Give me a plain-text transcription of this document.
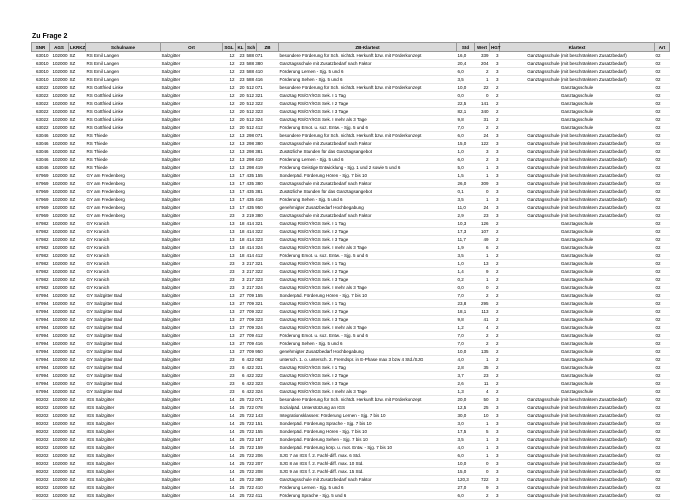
Zu Frage 2
SNR	AGS	LKRKZ	Schulname	Ort	SGL	KL	Sch	ZB	ZB-Klartext	Std	Wert	HGT	Klartext	Art
63010	102000	SZ	RS Emil Langen	Salzgitter	12	23	588 071		besondere Förderung für Sch. nichtdt. Herkunft bzw. mit Förderkonzept	16,0	339	3	Ganztagsschule (mit beschränktem Zusatzbedarf)	02
63010	102000	SZ	RS Emil Langen	Salzgitter	12	23	588 380		Ganztagsschule mit Zusatzbedarf nach Faktor	20,4	204	3	Ganztagsschule (mit beschränktem Zusatzbedarf)	02
63010	102000	SZ	RS Emil Langen	Salzgitter	12	23	588 410		Förderung Lernen - Sjg. 5 und 6	6,0	2	3	Ganztagsschule (mit beschränktem Zusatzbedarf)	02
63010	102000	SZ	RS Emil Langen	Salzgitter	12	23	588 416		Förderung Sehen - Sjg. 5 und 6	3,5	1	3	Ganztagsschule (mit beschränktem Zusatzbedarf)	02
63022	102000	SZ	RS Gottfried Linke	Salzgitter	12	20	512 071		besondere Förderung für Sch. nichtdt. Herkunft bzw. mit Förderkonzept	10,0	22	2	Ganztagsschule	02
63022	102000	SZ	RS Gottfried Linke	Salzgitter	12	20	512 321		Ganztag RS/GY/IGS Sek. I 1 Tag	0,0	0	2	Ganztagsschule	02
63022	102000	SZ	RS Gottfried Linke	Salzgitter	12	20	512 322		Ganztag RS/GY/IGS Sek. I 2 Tage	22,5	141	2	Ganztagsschule	02
63022	102000	SZ	RS Gottfried Linke	Salzgitter	12	20	512 323		Ganztag RS/GY/IGS Sek. I 3 Tage	82,1	340	2	Ganztagsschule	02
63022	102000	SZ	RS Gottfried Linke	Salzgitter	12	20	512 324		Ganztag RS/GY/IGS Sek. I mehr als 3 Tage	9,8	31	2	Ganztagsschule	02
63022	102000	SZ	RS Gottfried Linke	Salzgitter	12	20	512 412		Förderung Emot. u. soz. Entw. - Sjg. 5 und 6	7,0	2	2	Ganztagsschule	02
63046	102000	SZ	RS Thiede	Salzgitter	12	13	298 071		besondere Förderung für Sch. nichtdt. Herkunft bzw. mit Förderkonzept	6,0	24	3	Ganztagsschule (mit beschränktem Zusatzbedarf)	02
63046	102000	SZ	RS Thiede	Salzgitter	12	13	298 380		Ganztagsschule mit Zusatzbedarf nach Faktor	15,0	122	3	Ganztagsschule (mit beschränktem Zusatzbedarf)	02
63046	102000	SZ	RS Thiede	Salzgitter	12	13	298 381		Zusätzliche Stunden für das Ganztagsangebot	1,0	3	3	Ganztagsschule (mit beschränktem Zusatzbedarf)	02
63046	102000	SZ	RS Thiede	Salzgitter	12	13	298 410		Förderung Lernen - Sjg. 5 und 6	6,0	2	3	Ganztagsschule (mit beschränktem Zusatzbedarf)	02
63046	102000	SZ	RS Thiede	Salzgitter	12	13	298 419		Förderung Geistige Entwicklung - Sjg. 1 und 2 sowie 5 und 6	5,0	1	3	Ganztagsschule (mit beschränktem Zusatzbedarf)	02
67969	102000	SZ	GY am Fredenberg	Salzgitter	13	17	435 155		Sonderpäd. Förderung Hören - Sjg. 7 bis 10	1,5	1	3	Ganztagsschule (mit beschränktem Zusatzbedarf)	02
67969	102000	SZ	GY am Fredenberg	Salzgitter	13	17	435 380		Ganztagsschule mit Zusatzbedarf nach Faktor	26,0	309	3	Ganztagsschule (mit beschränktem Zusatzbedarf)	02
67969	102000	SZ	GY am Fredenberg	Salzgitter	13	17	435 381		Zusätzliche Stunden für das Ganztagsangebot	0,1	0	3	Ganztagsschule (mit beschränktem Zusatzbedarf)	02
67969	102000	SZ	GY am Fredenberg	Salzgitter	13	17	435 416		Förderung Sehen - Sjg. 5 und 6	3,5	1	3	Ganztagsschule (mit beschränktem Zusatzbedarf)	02
67969	102000	SZ	GY am Fredenberg	Salzgitter	13	17	435 950		genehmigter Zusatzbedarf Hochbegabung	11,0	24	3	Ganztagsschule (mit beschränktem Zusatzbedarf)	02
67969	102000	SZ	GY am Fredenberg	Salzgitter	23	3	219 380		Ganztagsschule mit Zusatzbedarf nach Faktor	2,9	23	3	Ganztagsschule (mit beschränktem Zusatzbedarf)	02
67982	102000	SZ	GY Kranich	Salzgitter	13	18	414 321		Ganztag RS/GY/IGS Sek. I 1 Tag	10,3	126	2	Ganztagsschule	02
67982	102000	SZ	GY Kranich	Salzgitter	13	18	414 322		Ganztag RS/GY/IGS Sek. I 2 Tage	17,3	107	2	Ganztagsschule	02
67982	102000	SZ	GY Kranich	Salzgitter	13	18	414 323		Ganztag RS/GY/IGS Sek. I 3 Tage	11,7	49	2	Ganztagsschule	02
67982	102000	SZ	GY Kranich	Salzgitter	13	18	414 324		Ganztag RS/GY/IGS Sek. I mehr als 3 Tage	1,9	6	2	Ganztagsschule	02
67982	102000	SZ	GY Kranich	Salzgitter	13	18	414 412		Förderung Emot. u. soz. Entw. - Sjg. 5 und 6	3,5	1	2	Ganztagsschule	02
67982	102000	SZ	GY Kranich	Salzgitter	23	3	217 321		Ganztag RS/GY/IGS Sek. I 1 Tag	1,0	13	2	Ganztagsschule	02
67982	102000	SZ	GY Kranich	Salzgitter	23	3	217 322		Ganztag RS/GY/IGS Sek. I 2 Tage	1,4	9	2	Ganztagsschule	02
67982	102000	SZ	GY Kranich	Salzgitter	23	3	217 323		Ganztag RS/GY/IGS Sek. I 3 Tage	0,2	1	2	Ganztagsschule	02
67982	102000	SZ	GY Kranich	Salzgitter	23	3	217 324		Ganztag RS/GY/IGS Sek. I mehr als 3 Tage	0,0	0	2	Ganztagsschule	02
67994	102000	SZ	GY Salzgitter Bad	Salzgitter	13	27	709 155		Sonderpäd. Förderung Hören - Sjg. 7 bis 10	7,0	2	2	Ganztagsschule	02
67994	102000	SZ	GY Salzgitter Bad	Salzgitter	13	27	709 321		Ganztag RS/GY/IGS Sek. I 1 Tag	23,8	295	2	Ganztagsschule	02
67994	102000	SZ	GY Salzgitter Bad	Salzgitter	13	27	709 322		Ganztag RS/GY/IGS Sek. I 2 Tage	18,1	113	2	Ganztagsschule	02
67994	102000	SZ	GY Salzgitter Bad	Salzgitter	13	27	709 323		Ganztag RS/GY/IGS Sek. I 3 Tage	9,8	41	2	Ganztagsschule	02
67994	102000	SZ	GY Salzgitter Bad	Salzgitter	13	27	709 324		Ganztag RS/GY/IGS Sek. I mehr als 3 Tage	1,2	4	2	Ganztagsschule	02
67994	102000	SZ	GY Salzgitter Bad	Salzgitter	13	27	709 412		Förderung Emot. u. soz. Entw. - Sjg. 5 und 6	7,0	2	2	Ganztagsschule	02
67994	102000	SZ	GY Salzgitter Bad	Salzgitter	13	27	709 416		Förderung Sehen - Sjg. 5 und 6	7,0	2	2	Ganztagsschule	02
67994	102000	SZ	GY Salzgitter Bad	Salzgitter	13	27	709 950		genehmigter Zusatzbedarf Hochbegabung	10,0	135	2	Ganztagsschule	02
67994	102000	SZ	GY Salzgitter Bad	Salzgitter	23	6	422 062		untersch. 1. o. untersch. 2. Fremdspr. in E-Phase max 3 bzw 4 Std./SJG	4,0	1	2	Ganztagsschule	02
67994	102000	SZ	GY Salzgitter Bad	Salzgitter	23	6	422 321		Ganztag RS/GY/IGS Sek. I 1 Tag	2,8	35	2	Ganztagsschule	02
67994	102000	SZ	GY Salzgitter Bad	Salzgitter	23	6	422 322		Ganztag RS/GY/IGS Sek. I 2 Tage	3,7	23	2	Ganztagsschule	02
67994	102000	SZ	GY Salzgitter Bad	Salzgitter	23	6	422 323		Ganztag RS/GY/IGS Sek. I 3 Tage	2,6	11	2	Ganztagsschule	02
67994	102000	SZ	GY Salzgitter Bad	Salzgitter	23	6	422 324		Ganztag RS/GY/IGS Sek. I mehr als 3 Tage	1,3	4	2	Ganztagsschule	02
80202	102000	SZ	IGS Salzgitter	Salzgitter	14	25	722 071		besondere Förderung für Sch. nichtdt. Herkunft bzw. mit Förderkonzept	20,0	50	3	Ganztagsschule (mit beschränktem Zusatzbedarf)	02
80202	102000	SZ	IGS Salzgitter	Salzgitter	14	25	722 078		Sozialpäd. Unterstützung an IGS	12,5	25	3	Ganztagsschule (mit beschränktem Zusatzbedarf)	02
80202	102000	SZ	IGS Salzgitter	Salzgitter	14	25	722 143		Integrationsklassen: Förderung Lernen - Sjg. 7 bis 10	30,0	10	3	Ganztagsschule (mit beschränktem Zusatzbedarf)	02
80202	102000	SZ	IGS Salzgitter	Salzgitter	14	25	722 151		Sonderpäd. Förderung Sprache - Sjg. 7 bis 10	3,0	1	3	Ganztagsschule (mit beschränktem Zusatzbedarf)	02
80202	102000	SZ	IGS Salzgitter	Salzgitter	14	25	722 155		Sonderpäd. Förderung Hören - Sjg. 7 bis 10	17,5	5	3	Ganztagsschule (mit beschränktem Zusatzbedarf)	02
80202	102000	SZ	IGS Salzgitter	Salzgitter	14	25	722 157		Sonderpäd. Förderung Sehen - Sjg. 7 bis 10	3,5	1	3	Ganztagsschule (mit beschränktem Zusatzbedarf)	02
80202	102000	SZ	IGS Salzgitter	Salzgitter	14	25	722 159		Sonderpäd. Förderung körp. u. mot. Entw. - Sjg. 7 bis 10	4,0	1	3	Ganztagsschule (mit beschränktem Zusatzbedarf)	02
80202	102000	SZ	IGS Salzgitter	Salzgitter	14	25	722 206		SJG 7 an IGS f. 2. Fachl-diff. max. 6 Std.	6,0	1	3	Ganztagsschule (mit beschränktem Zusatzbedarf)	02
80202	102000	SZ	IGS Salzgitter	Salzgitter	14	25	722 207		SJG 8 an IGS f. 2. Fachl-diff. max. 10 Std.	10,0	0	3	Ganztagsschule (mit beschränktem Zusatzbedarf)	02
80202	102000	SZ	IGS Salzgitter	Salzgitter	14	25	722 208		SJG 9 an IGS f. 2. Fachl-diff. max. 15 Std.	15,0	0	3	Ganztagsschule (mit beschränktem Zusatzbedarf)	02
80202	102000	SZ	IGS Salzgitter	Salzgitter	14	25	722 380		Ganztagsschule mit Zusatzbedarf nach Faktor	120,3	722	3	Ganztagsschule (mit beschränktem Zusatzbedarf)	02
80202	102000	SZ	IGS Salzgitter	Salzgitter	14	25	722 410		Förderung Lernen - Sjg. 5 und 6	27,0	9	3	Ganztagsschule (mit beschränktem Zusatzbedarf)	02
80202	102000	SZ	IGS Salzgitter	Salzgitter	14	25	722 411		Förderung Sprache - Sjg. 5 und 6	6,0	2	3	Ganztagsschule (mit beschränktem Zusatzbedarf)	02
